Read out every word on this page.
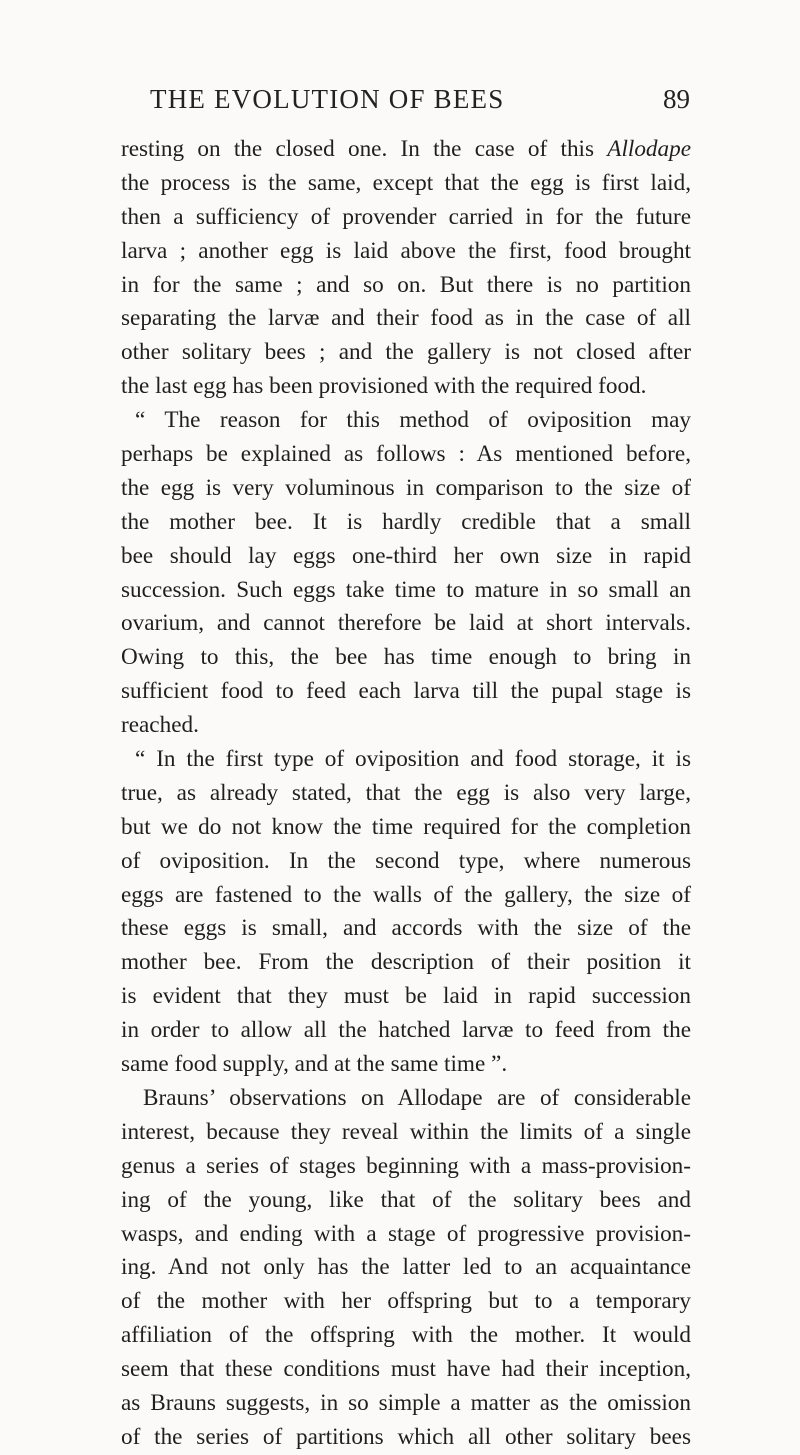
THE EVOLUTION OF BEES	89
resting on the closed one. In the case of this Allodape
the process is the same, except that the egg is first laid,
then a sufficiency of provender carried in for the future
larva ; another egg is laid above the first, food brought
in for the same ; and so on. But there is no partition
separating the larvæ and their food as in the case of all
other solitary bees ; and the gallery is not closed after
the last egg has been provisioned with the required food.
“ The reason for this method of oviposition may
perhaps be explained as follows : As mentioned before,
the egg is very voluminous in comparison to the size of
the mother bee. It is hardly credible that a small
bee should lay eggs one-third her own size in rapid
succession. Such eggs take time to mature in so small an
ovarium, and cannot therefore be laid at short intervals.
Owing to this, the bee has time enough to bring in
sufficient food to feed each larva till the pupal stage is
reached.
“ In the first type of oviposition and food storage, it is
true, as already stated, that the egg is also very large,
but we do not know the time required for the completion
of oviposition. In the second type, where numerous
eggs are fastened to the walls of the gallery, the size of
these eggs is small, and accords with the size of the
mother bee. From the description of their position it
is evident that they must be laid in rapid succession
in order to allow all the hatched larvæ to feed from the
same food supply, and at the same time ”.
Brauns’ observations on Allodape are of considerable
interest, because they reveal within the limits of a single
genus a series of stages beginning with a mass-provision-
ing of the young, like that of the solitary bees and
wasps, and ending with a stage of progressive provision-
ing. And not only has the latter led to an acquaintance
of the mother with her offspring but to a temporary
affiliation of the offspring with the mother. It would
seem that these conditions must have had their inception,
as Brauns suggests, in so simple a matter as the omission
of the series of partitions which all other solitary bees
